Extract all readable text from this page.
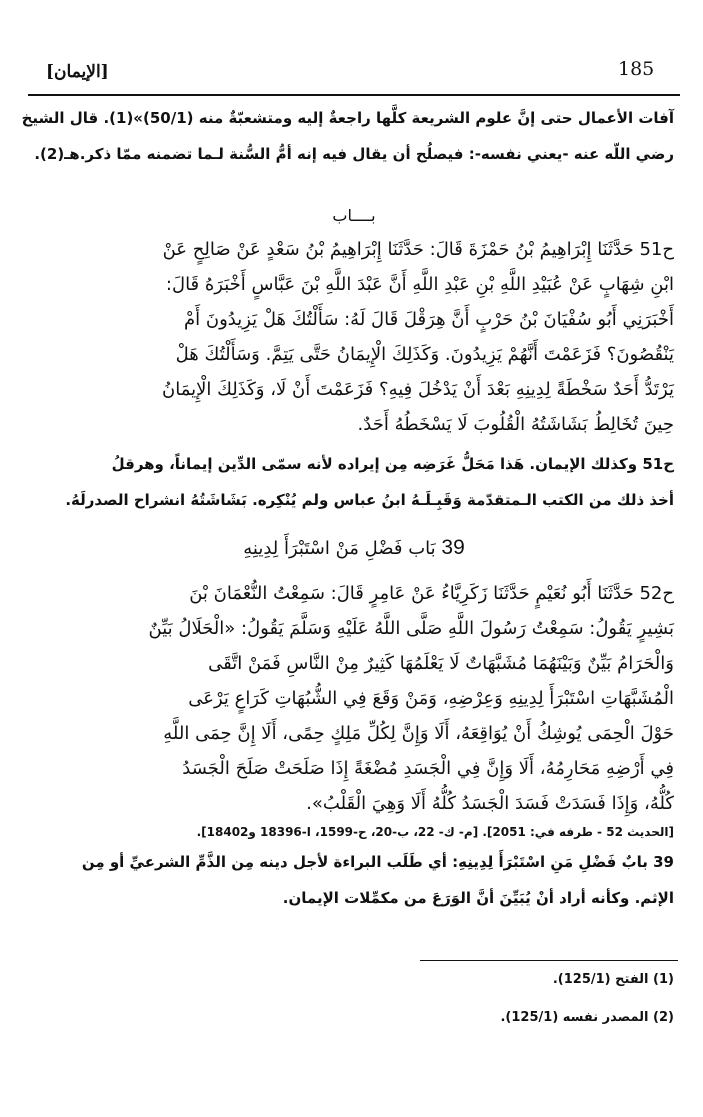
185
[الإيمان]
آفات الأعمال حتى إنَّ علوم الشريعة كلَّها راجعةٌ إليه ومتشعبّةٌ منه (50/1)»(1). قال الشيخ
رضي اللّه عنه -يعني نفسه-: فيصلُح أن يقال فيه إنه أمُّ السُّنة لـما تضمنه ممّا ذكر.هـ(2).
بــــاب
ح51 حَدَّثَنَا إِبْرَاهِيمُ بْنُ حَمْزَةَ قَالَ: حَدَّثَنَا إِبْرَاهِيمُ بْنُ سَعْدٍ عَنْ صَالِحٍ عَنْ
ابْنِ شِهَابٍ عَنْ عُبَيْدِ اللَّهِ بْنِ عَبْدِ اللَّهِ أَنَّ عَبْدَ اللَّهِ بْنَ عَبَّاسٍ أَخْبَرَهُ قَالَ:
أَخْبَرَنِي أَبُو سُفْيَانَ بْنُ حَرْبٍ أَنَّ هِرَقْلَ قَالَ لَهُ: سَأَلْتُكَ هَلْ يَزِيدُونَ أَمْ
يَنْقُصُونَ؟ فَزَعَمْتَ أَنَّهُمْ يَزِيدُونَ. وَكَذَلِكَ الْإِيمَانُ حَتَّى يَتِمَّ. وَسَأَلْتُكَ هَلْ
يَرْتَدُّ أَحَدٌ سَخْطَةً لِدِينِهِ بَعْدَ أَنْ يَدْخُلَ فِيهِ؟ فَزَعَمْتَ أَنْ لَا، وَكَذَلِكَ الْإِيمَانُ
حِينَ تُخَالِطُ بَشَاشَتُهُ الْقُلُوبَ لَا يَسْخَطُهُ أَحَدٌ.
ح51 وكذلك الإيمان. هَذا مَحَلُّ غَرَضِه مِن إيراده لأنه سمّى الدِّين إيماناً، وهرقلُ
أخذ ذلك من الكتب الـمتقدّمة وَقَبِـلَـهُ ابنُ عباس ولم يُنْكِره. بَشَاشَتُهُ انشراح الصدرلَهُ.
39 بَاب فَضْلِ مَنْ اسْتَبْرَأَ لِدِينِهِ
ح52 حَدَّثَنَا أَبُو نُعَيْمٍ حَدَّثَنَا زَكَرِيَّاءُ عَنْ عَامِرٍ قَالَ: سَمِعْتُ النُّعْمَانَ بْنَ
بَشِيرٍ يَقُولُ: سَمِعْتُ رَسُولَ اللَّهِ صَلَّى اللَّهُ عَلَيْهِ وَسَلَّمَ يَقُولُ: «الْحَلَالُ بَيِّنٌ
وَالْحَرَامُ بَيِّنٌ وَبَيْنَهُمَا مُشَبَّهَاتٌ لَا يَعْلَمُهَا كَثِيرٌ مِنْ النَّاسِ فَمَنْ اتَّقَى
الْمُشَبَّهَاتِ اسْتَبْرَأَ لِدِينِهِ وَعِرْضِهِ، وَمَنْ وَقَعَ فِي الشُّبُهَاتِ كَرَاعٍ يَرْعَى
حَوْلَ الْحِمَى يُوشِكُ أَنْ يُوَاقِعَهُ، أَلَا وَإِنَّ لِكُلِّ مَلِكٍ حِمًى، أَلَا إِنَّ حِمَى اللَّهِ
فِي أَرْضِهِ مَحَارِمُهُ، أَلَا وَإِنَّ فِي الْجَسَدِ مُضْغَةً إِذَا صَلَحَتْ صَلَحَ الْجَسَدُ
كُلُّهُ، وَإِذَا فَسَدَتْ فَسَدَ الْجَسَدُ كُلُّهُ أَلَا وَهِيَ الْقَلْبُ».
[الحديث 52 - طرفه في: 2051]. [م- ك- 22، ب-20، ح-1599، ا-18396 و18402].
39 بابٌ فَضْلِ مَنِ اسْتَبْرَأَ لِدِينِهِ: أي طَلَب البراءة لأجل دينه مِن الذَّمِّ الشرعيِّ أو مِن
الإثم. وكأنه أراد أنْ يُبَيِّنَ أنَّ الوَرَعَ من مكمِّلات الإيمان.
(1) الفتح (125/1).
(2) المصدر نفسه (125/1).
